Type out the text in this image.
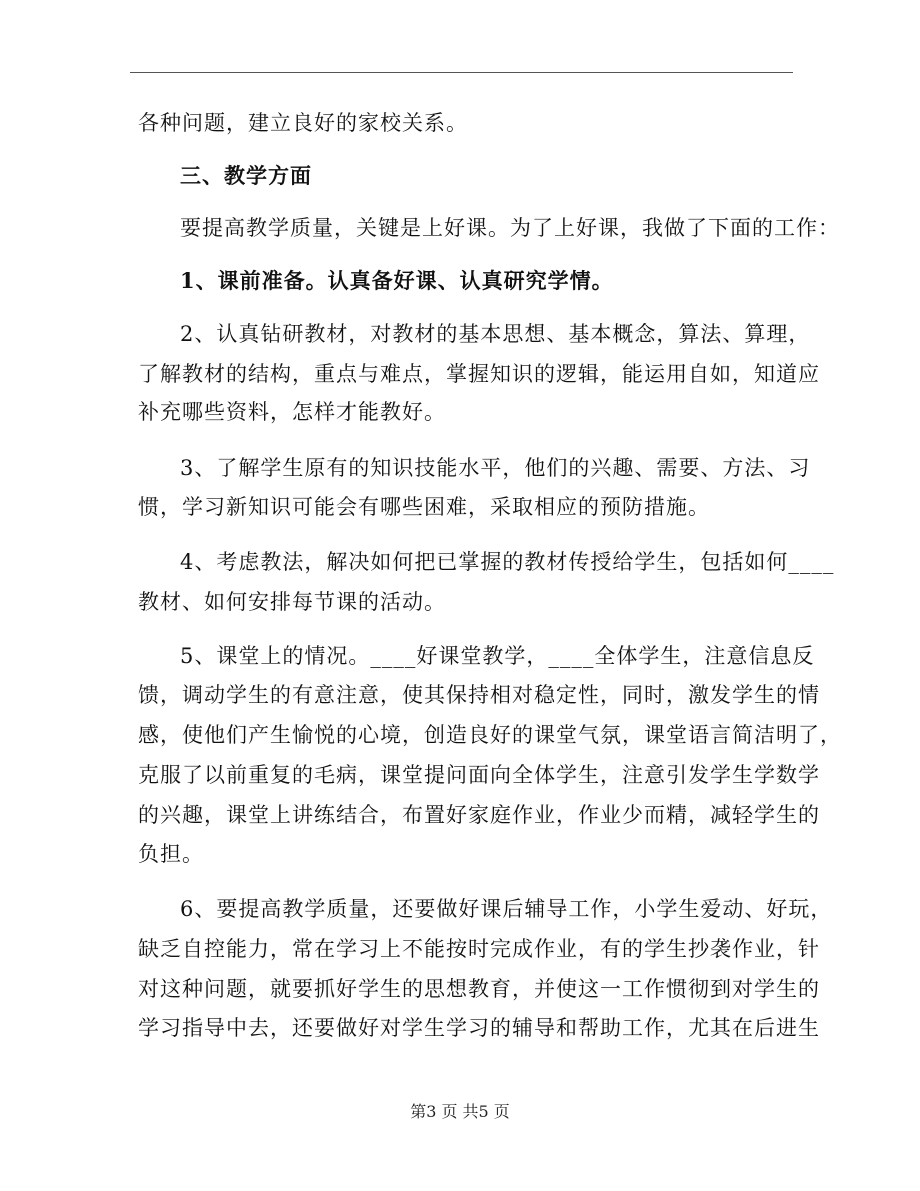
各种问题，建立良好的家校关系。
三、教学方面
要提高教学质量，关键是上好课。为了上好课，我做了下面的工作：
1、课前准备。认真备好课、认真研究学情。
2、认真钻研教材，对教材的基本思想、基本概念，算法、算理，
了解教材的结构，重点与难点，掌握知识的逻辑，能运用自如，知道应
补充哪些资料，怎样才能教好。
3、了解学生原有的知识技能水平，他们的兴趣、需要、方法、习
惯，学习新知识可能会有哪些困难，采取相应的预防措施。
4、考虑教法，解决如何把已掌握的教材传授给学生，包括如何____
教材、如何安排每节课的活动。
5、课堂上的情况。____好课堂教学，____全体学生，注意信息反
馈，调动学生的有意注意，使其保持相对稳定性，同时，激发学生的情
感，使他们产生愉悦的心境，创造良好的课堂气氛，课堂语言简洁明了，
克服了以前重复的毛病，课堂提问面向全体学生，注意引发学生学数学
的兴趣，课堂上讲练结合，布置好家庭作业，作业少而精，减轻学生的
负担。
6、要提高教学质量，还要做好课后辅导工作，小学生爱动、好玩，
缺乏自控能力，常在学习上不能按时完成作业，有的学生抄袭作业，针
对这种问题，就要抓好学生的思想教育，并使这一工作惯彻到对学生的
学习指导中去，还要做好对学生学习的辅导和帮助工作，尤其在后进生
第3 页 共5 页
